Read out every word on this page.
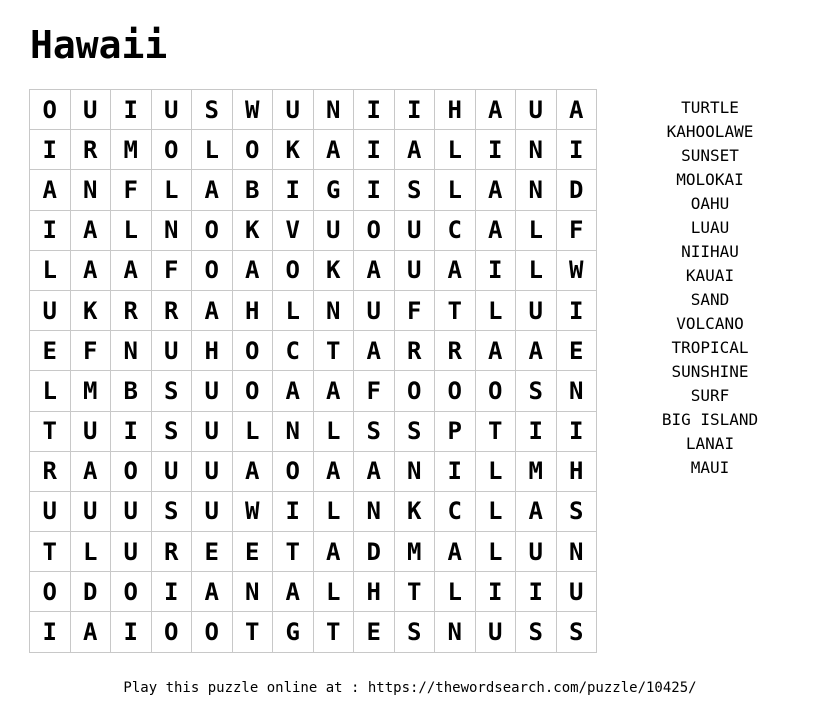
Hawaii
O	U	I	U	S	W	U	N	I	I	H	A	U	A
I	R	M	O	L	O	K	A	I	A	L	I	N	I
A	N	F	L	A	B	I	G	I	S	L	A	N	D
I	A	L	N	O	K	V	U	O	U	C	A	L	F
L	A	A	F	O	A	O	K	A	U	A	I	L	W
U	K	R	R	A	H	L	N	U	F	T	L	U	I
E	F	N	U	H	O	C	T	A	R	R	A	A	E
L	M	B	S	U	O	A	A	F	O	O	O	S	N
T	U	I	S	U	L	N	L	S	S	P	T	I	I
R	A	O	U	U	A	O	A	A	N	I	L	M	H
U	U	U	S	U	W	I	L	N	K	C	L	A	S
T	L	U	R	E	E	T	A	D	M	A	L	U	N
O	D	O	I	A	N	A	L	H	T	L	I	I	U
I	A	I	O	O	T	G	T	E	S	N	U	S	S
TURTLE
KAHOOLAWE
SUNSET
MOLOKAI
OAHU
LUAU
NIIHAU
KAUAI
SAND
VOLCANO
TROPICAL
SUNSHINE
SURF
BIG ISLAND
LANAI
MAUI
Play this puzzle online at : https://thewordsearch.com/puzzle/10425/
